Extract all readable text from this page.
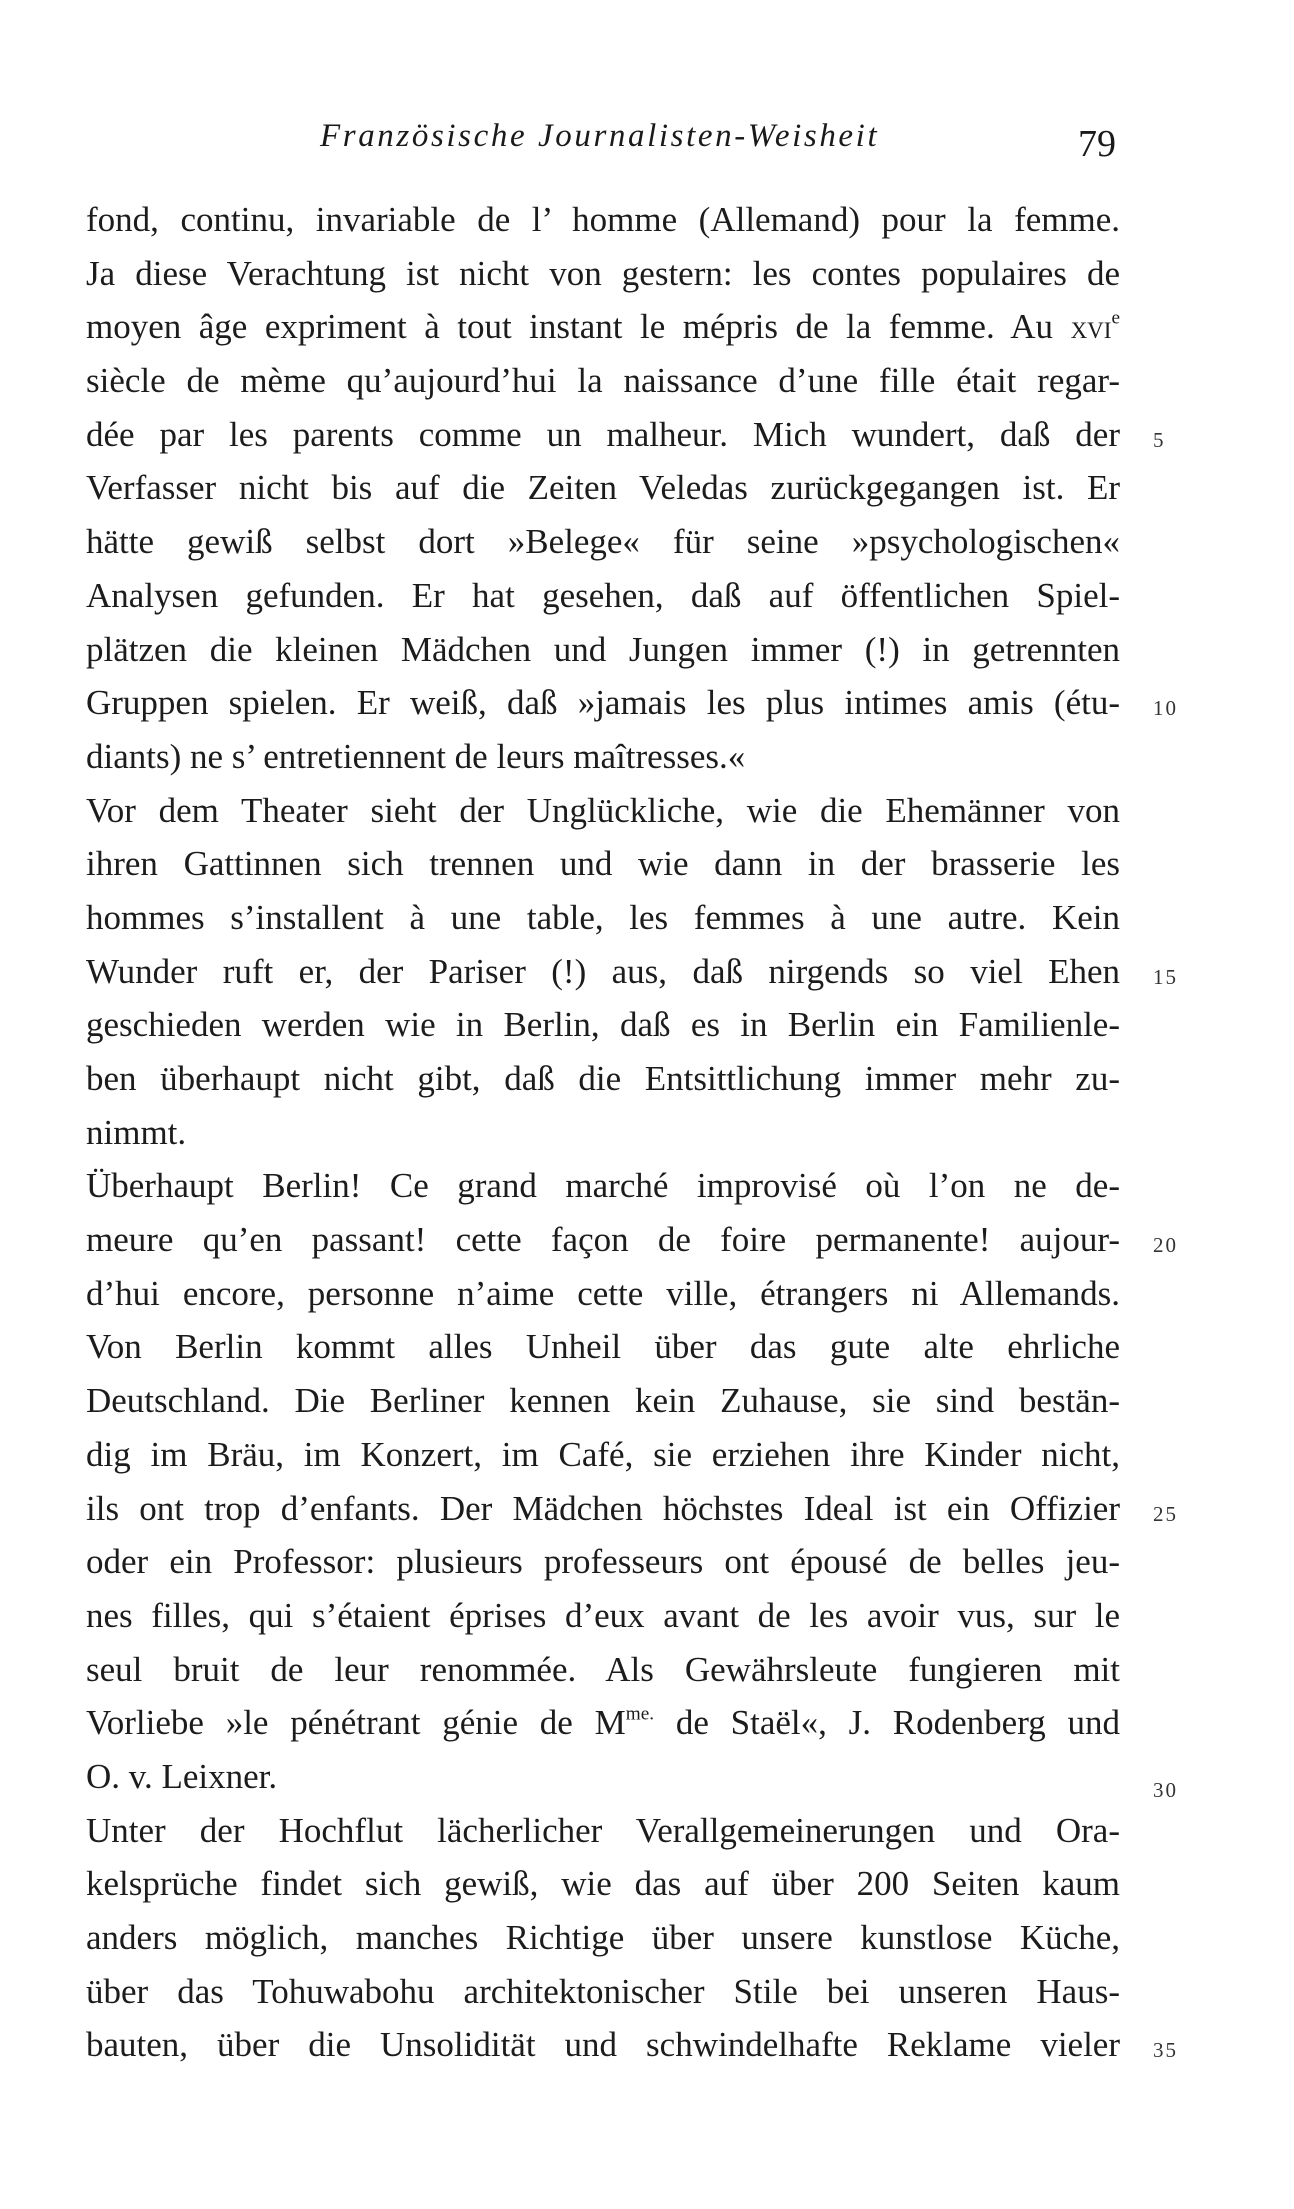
Französische Journalisten-Weisheit	79
fond, continu, invariable de l’ homme (Allemand) pour la femme.
Ja diese Verachtung ist nicht von gestern: les contes populaires de
moyen âge expriment à tout instant le mépris de la femme. Au xvi$^e$
siècle de mème qu’aujourd’hui la naissance d’une fille était regar-
dée par les parents comme un malheur. Mich wundert, daß der 5
Verfasser nicht bis auf die Zeiten Veledas zurückgegangen ist. Er
hätte gewiß selbst dort »Belege« für seine »psychologischen«
Analysen gefunden. Er hat gesehen, daß auf öffentlichen Spiel-
plätzen die kleinen Mädchen und Jungen immer (!) in getrennten
Gruppen spielen. Er weiß, daß »jamais les plus intimes amis (étu- 10
diants) ne s’ entretiennent de leurs maîtresses.«
Vor dem Theater sieht der Unglückliche, wie die Ehemänner von
ihren Gattinnen sich trennen und wie dann in der brasserie les
hommes s’installent à une table, les femmes à une autre. Kein
Wunder ruft er, der Pariser (!) aus, daß nirgends so viel Ehen 15
geschieden werden wie in Berlin, daß es in Berlin ein Familienle-
ben überhaupt nicht gibt, daß die Entsittlichung immer mehr zu-
nimmt.
Überhaupt Berlin! Ce grand marché improvisé où l’on ne de-
meure qu’en passant! cette façon de foire permanente! aujour- 20
d’hui encore, personne n’aime cette ville, étrangers ni Allemands.
Von Berlin kommt alles Unheil über das gute alte ehrliche
Deutschland. Die Berliner kennen kein Zuhause, sie sind bestän-
dig im Bräu, im Konzert, im Café, sie erziehen ihre Kinder nicht,
ils ont trop d’enfants. Der Mädchen höchstes Ideal ist ein Offizier 25
oder ein Professor: plusieurs professeurs ont épousé de belles jeu-
nes filles, qui s’étaient éprises d’eux avant de les avoir vus, sur le
seul bruit de leur renommée. Als Gewährsleute fungieren mit
Vorliebe »le pénétrant génie de $M^{me.}$ de Staël«, J. Rodenberg und
O. v. Leixner.	30
Unter der Hochflut lächerlicher Verallgemeinerungen und Ora-
kelsprüche findet sich gewiß, wie das auf über 200 Seiten kaum
anders möglich, manches Richtige über unsere kunstlose Küche,
über das Tohuwabohu architektonischer Stile bei unseren Haus-
bauten, über die Unsolidität und schwindelhafte Reklame vieler 35
